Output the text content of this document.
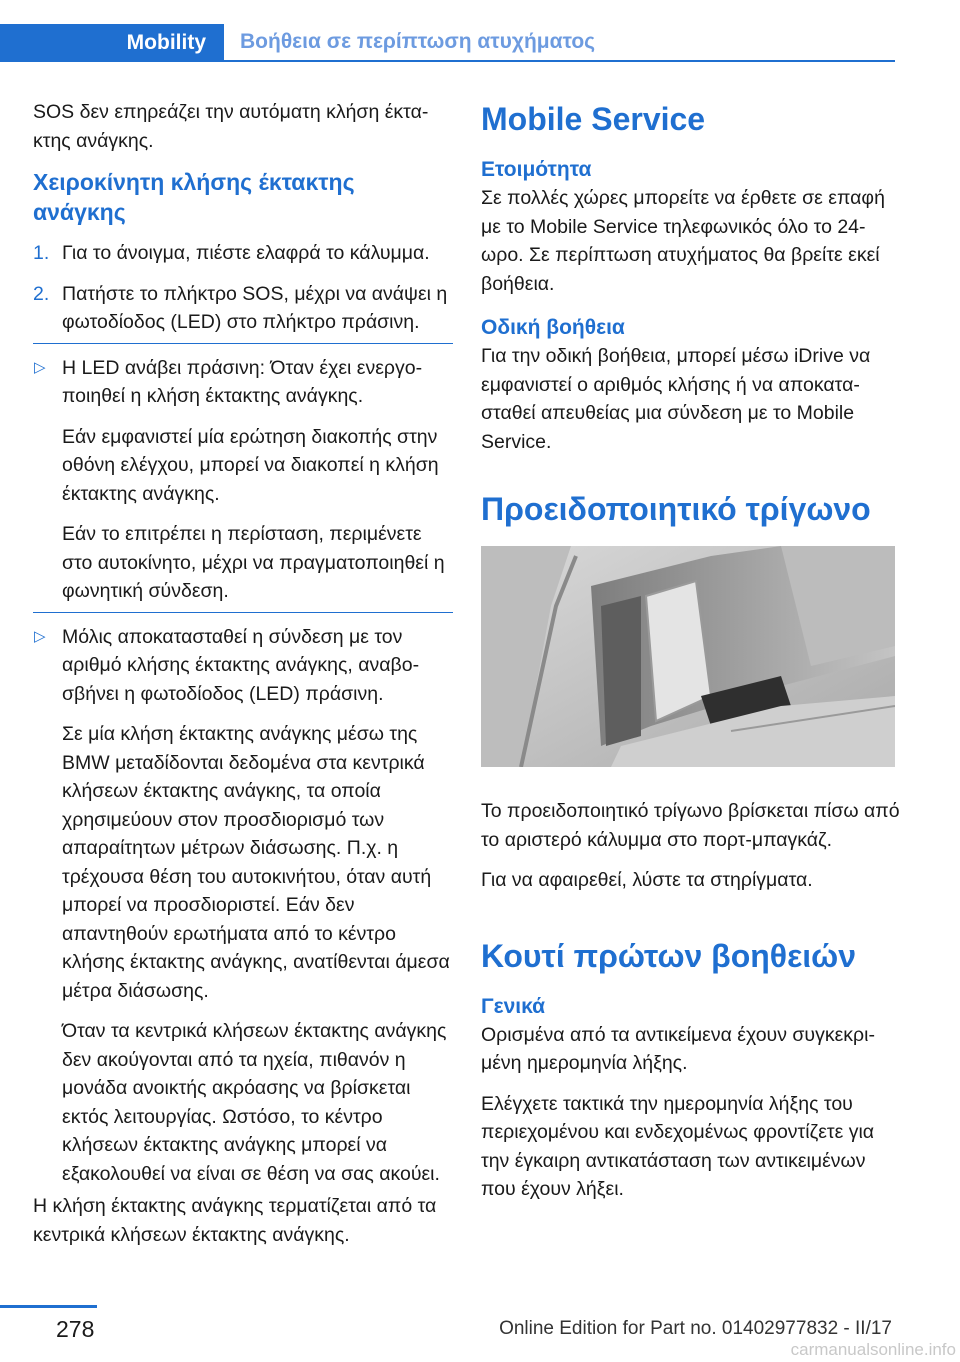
Mobility	Βοήθεια σε περίπτωση ατυχήματος

SOS δεν επηρεάζει την αυτόματη κλήση έκτακτης ανάγκης.

Χειροκίνητη κλήσης έκτακτης ανάγκης
1. Για το άνοιγμα, πιέστε ελαφρά το κάλυμμα.

2. Πατήστε το πλήκτρο SOS, μέχρι να ανάψει η φωτοδίοδος (LED) στο πλήκτρο πράσινη.

▷ Η LED ανάβει πράσινη: Όταν έχει ενεργοποιηθεί η κλήση έκτακτης ανάγκης.

Εάν εμφανιστεί μία ερώτηση διακοπής στην οθόνη ελέγχου, μπορεί να διακοπεί η κλήση έκτακτης ανάγκης.

Εάν το επιτρέπει η περίσταση, περιμένετε στο αυτοκίνητο, μέχρι να πραγματοποιηθεί η φωνητική σύνδεση.

▷ Μόλις αποκατασταθεί η σύνδεση με τον αριθμό κλήσης έκτακτης ανάγκης, αναβοσβήνει η φωτοδίοδος (LED) πράσινη.

Σε μία κλήση έκτακτης ανάγκης μέσω της BMW μεταδίδονται δεδομένα στα κεντρικά κλήσεων έκτακτης ανάγκης, τα οποία χρησιμεύουν στον προσδιορισμό των απαραίτητων μέτρων διάσωσης. Π.χ. η τρέχουσα θέση του αυτοκινήτου, όταν αυτή μπορεί να προσδιοριστεί. Εάν δεν απαντηθούν ερωτήματα από το κέντρο κλήσης έκτακτης ανάγκης, ανατίθενται άμεσα μέτρα διάσωσης.

Όταν τα κεντρικά κλήσεων έκτακτης ανάγκης δεν ακούγονται από τα ηχεία, πιθανόν η μονάδα ανοικτής ακρόασης να βρίσκεται εκτός λειτουργίας. Ωστόσο, το κέντρο κλήσεων έκτακτης ανάγκης μπορεί να εξακολουθεί να είναι σε θέση να σας ακούει.

Η κλήση έκτακτης ανάγκης τερματίζεται από τα κεντρικά κλήσεων έκτακτης ανάγκης.

Mobile Service
Ετοιμότητα

Σε πολλές χώρες μπορείτε να έρθετε σε επαφή με το Mobile Service τηλεφωνικός όλο το 24-ωρο. Σε περίπτωση ατυχήματος θα βρείτε εκεί βοήθεια.

Οδική βοήθεια

Για την οδική βοήθεια, μπορεί μέσω iDrive να εμφανιστεί ο αριθμός κλήσης ή να αποκατασταθεί απευθείας μια σύνδεση με το Mobile Service.

Προειδοποιητικό τρίγωνο

Το προειδοποιητικό τρίγωνο βρίσκεται πίσω από το αριστερό κάλυμμα στο πορτ-μπαγκάζ.

Για να αφαιρεθεί, λύστε τα στηρίγματα.

Κουτί πρώτων βοηθειών
Γενικά

Ορισμένα από τα αντικείμενα έχουν συγκεκριμένη ημερομηνία λήξης.

Ελέγχετε τακτικά την ημερομηνία λήξης του περιεχομένου και ενδεχομένως φροντίζετε για την έγκαιρη αντικατάσταση των αντικειμένων που έχουν λήξει.

278	Online Edition for Part no. 01402977832 - II/17
carmanualsonline.info
